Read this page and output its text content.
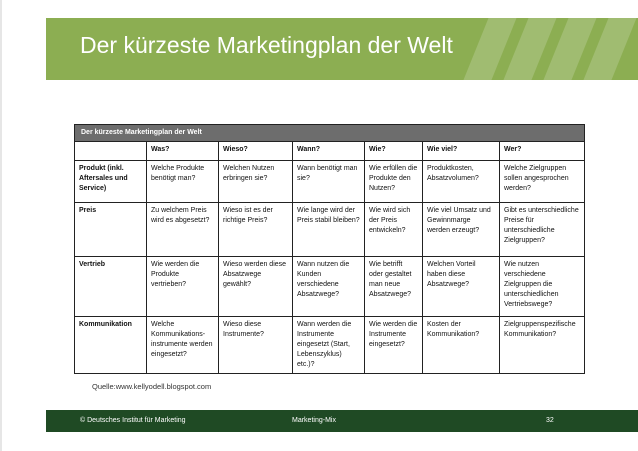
Der kürzeste Marketingplan der Welt
Der kürzeste Marketingplan der Welt						
	Was?	Wieso?	Wann?	Wie?	Wie viel?	Wer?
Produkt (inkl. Aftersales und Service)	Welche Produkte benötigt man?	Welchen Nutzen erbringen sie?	Wann benötigt man sie?	Wie erfüllen die Produkte den Nutzen?	Produktkosten, Absatzvolumen?	Welche Zielgruppen sollen angesprochen werden?
Preis	Zu welchem Preis wird es abgesetzt?	Wieso ist es der richtige Preis?	Wie lange wird der Preis stabil bleiben?	Wie wird sich der Preis entwickeln?	Wie viel Umsatz und Gewinnmarge werden erzeugt?	Gibt es unterschiedliche Preise für unterschiedliche Zielgruppen?
Vertrieb	Wie werden die Produkte vertrieben?	Wieso werden diese Absatzwege gewählt?	Wann nutzen die Kunden verschiedene Absatzwege?	Wie betrifft oder gestaltet man neue Absatzwege?	Welchen Vorteil haben diese Absatzwege?	Wie nutzen verschiedene Zielgruppen die unterschiedlichen Vertriebswege?
Kommunikation	Welche Kommunikations-instrumente werden eingesetzt?	Wieso diese Instrumente?	Wann werden die Instrumente eingesetzt (Start, Lebenszyklus) etc.)?	Wie werden die Instrumente eingesetzt?	Kosten der Kommunikation?	Zielgruppenspezifische Kommunikation?
Quelle:www.kellyodell.blogspot.com
© Deutsches Institut für Marketing	Marketing-Mix	32
